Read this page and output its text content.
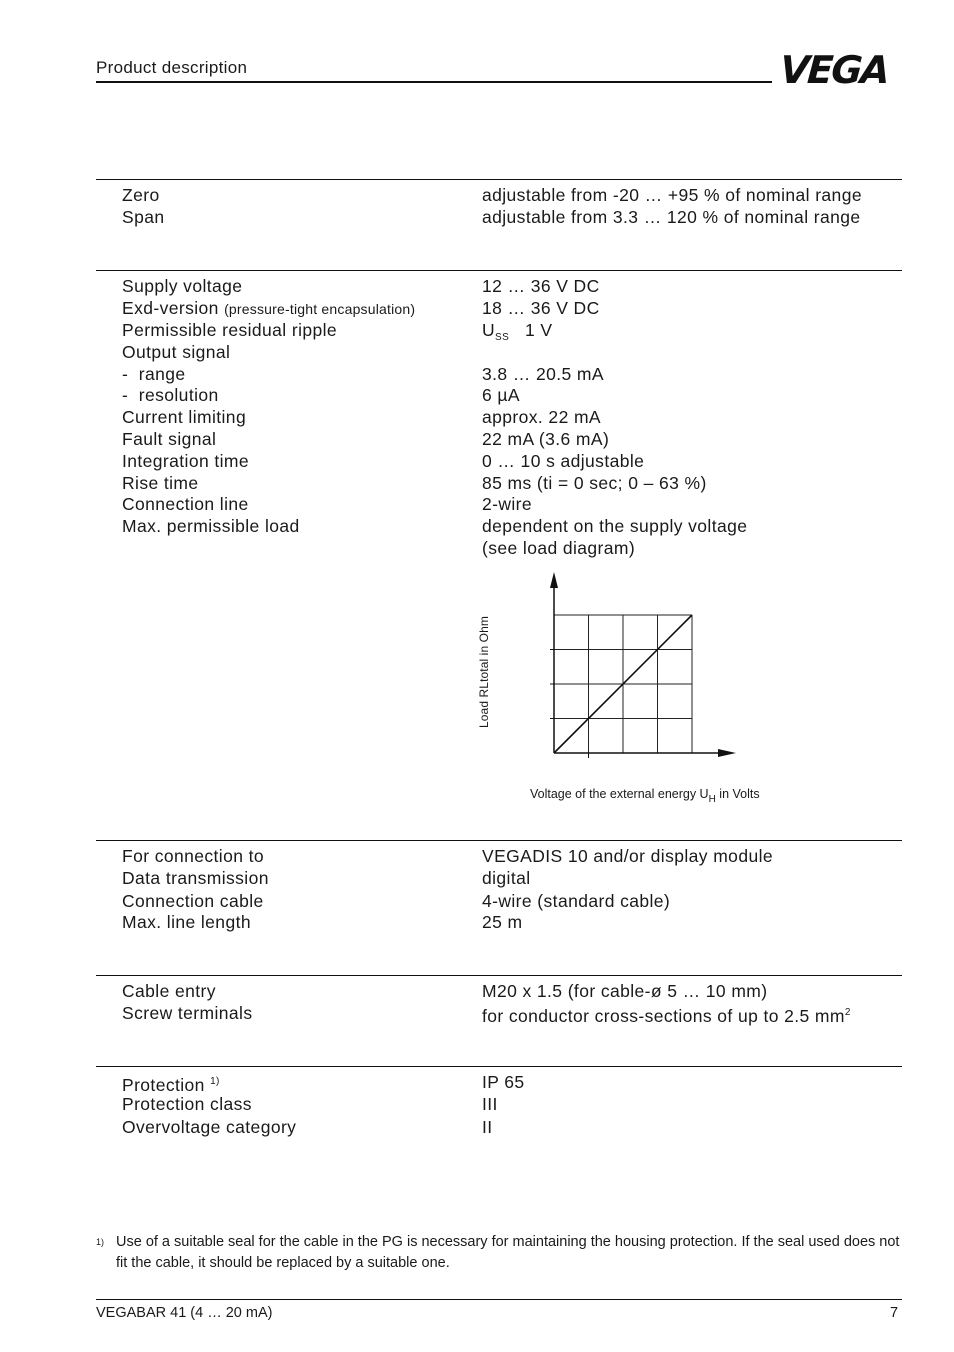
Product description	VEGA
Zero	adjustable from -20 … +95 % of nominal range
Span	adjustable from 3.3 … 120 % of nominal range
Supply voltage	12 … 36 V DC
Exd-version (pressure-tight encapsulation)	18 … 36 V DC
Permissible residual ripple	$U_{SS}$ 1 V
Output signal
-  range	3.8 … 20.5 mA
-  resolution	6 µA
Current limiting	approx. 22 mA
Fault signal	22 mA (3.6 mA)
Integration time	0 … 10 s adjustable
Rise time	85 ms (ti = 0 sec; 0 – 63 %)
Connection line	2-wire
Max. permissible load	dependent on the supply voltage
(see load diagram)
Load RLtotal in Ohm
Voltage of the external energy $U_H$ in Volts
For connection to	VEGADIS 10 and/or display module
Data transmission	digital
Connection cable	4-wire (standard cable)
Max. line length	25 m
Cable entry	M20 x 1.5 (for cable-ø 5 … 10 mm)
Screw terminals	for conductor cross-sections of up to 2.5 $mm^2$
Protection $^{1)}$	IP 65
Protection class	III
Overvoltage category	II
1) Use of a suitable seal for the cable in the PG is necessary for maintaining the housing protection. If the seal used does not fit the cable, it should be replaced by a suitable one.
VEGABAR 41 (4 … 20 mA)	7
